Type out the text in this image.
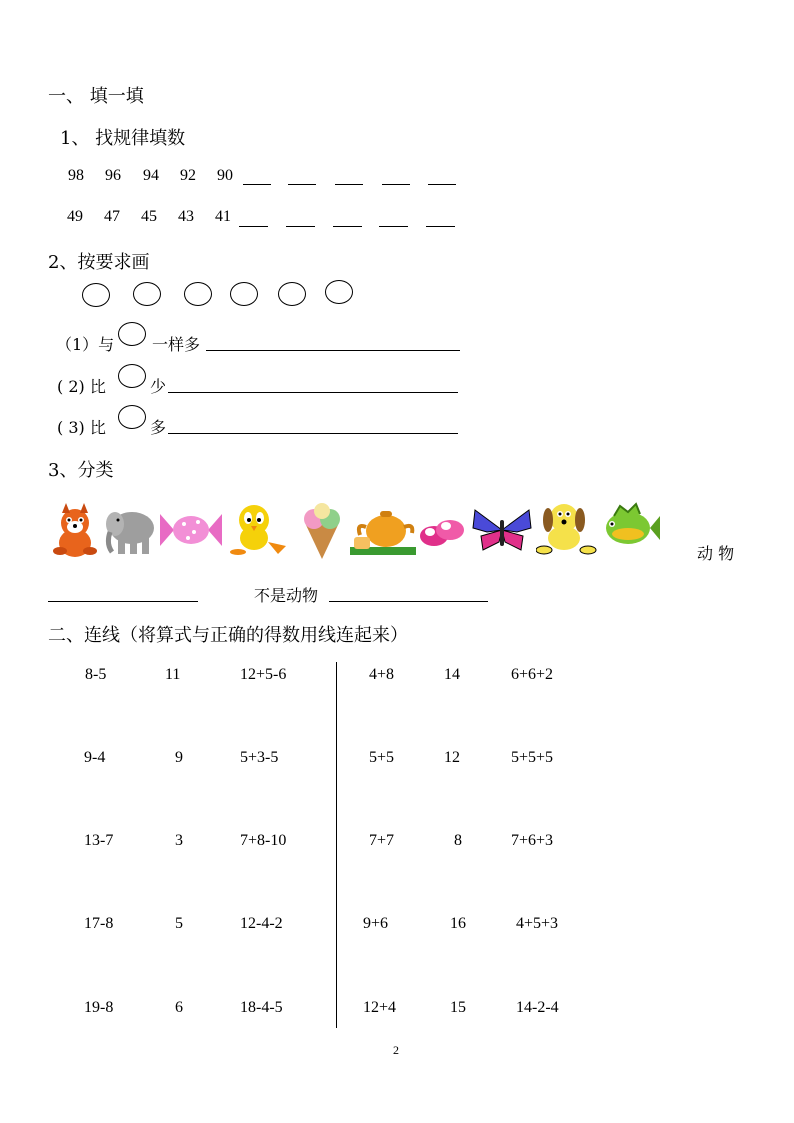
一、 填一填
1、 找规律填数
98 96 94 92 90
49 47 45 43 41
2、按要求画
（1）与 一样多
( 2) 比	少
( 3) 比	多
3、分类
动 物
不是动物
二、连线（将算式与正确的得数用线连起来）
8-5	11	12+5-6
9-4	9	5+3-5
13-7	3	7+8-10
17-8	5	12-4-2
19-8	6	18-4-5
4+8	14	6+6+2
5+5	12	5+5+5
7+7	8	7+6+3
9+6	16	4+5+3
12+4	15	14-2-4
2
